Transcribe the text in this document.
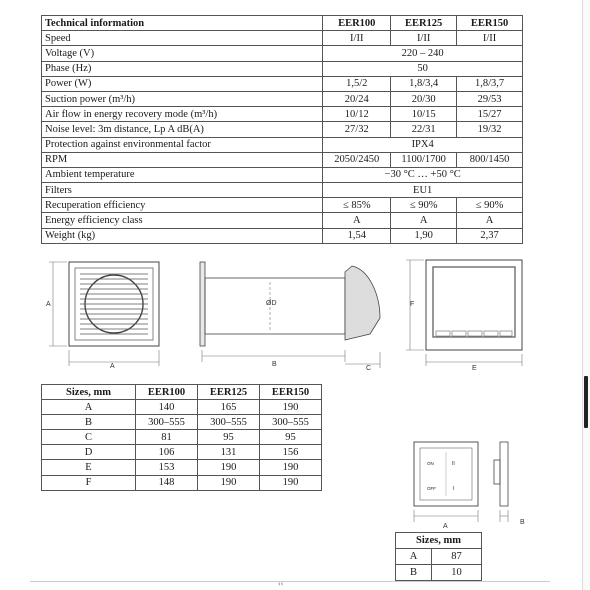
Technical information	EER100	EER125	EER150
Speed	I/II	I/II	I/II
Voltage (V)	220 – 240		
Phase (Hz)	50		
Power (W)	1,5/2	1,8/3,4	1,8/3,7
Suction power (m³/h)	20/24	20/30	29/53
Air flow in energy recovery mode (m³/h)	10/12	10/15	15/27
Noise level: 3m distance, Lp A dB(A)	27/32	22/31	19/32
Protection against environmental factor	IPX4		
RPM	2050/2450	1100/1700	800/1450
Ambient temperature	−30 °C … +50 °C		
Filters	EU1		
Recuperation efficiency	≤ 85%	≤ 90%	≤ 90%
Energy efficiency class	A	A	A
Weight (kg)	1,54	1,90	2,37
A
A
ØD
B
C
F
E
Sizes, mm	EER100	EER125	EER150
A	140	165	190
B	300–555	300–555	300–555
C	81	95	95
D	106	131	156
E	153	190	190
F	148	190	190
ON
OFF
II
I
A
B
Sizes, mm	
A	87
B	10
‹‹
